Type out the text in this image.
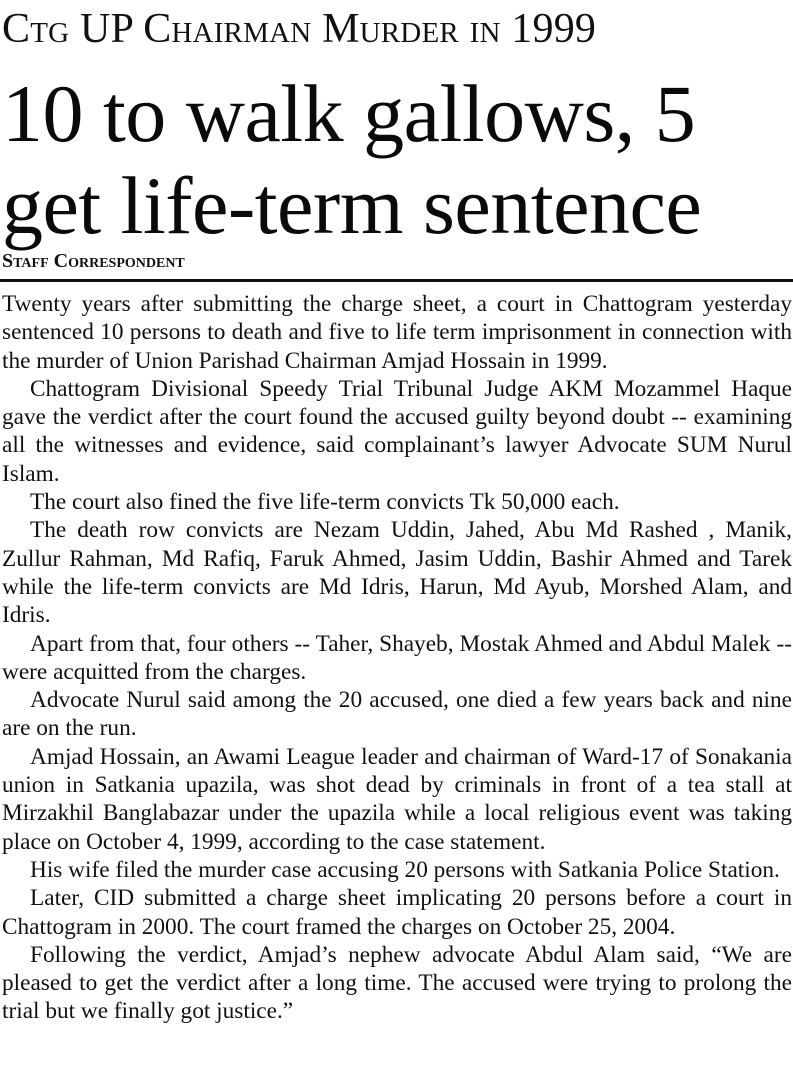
Ctg UP Chairman Murder in 1999
10 to walk gallows, 5 get life-term sentence
Staff Correspondent

Twenty years after submitting the charge sheet, a court in Chattogram yesterday sentenced 10 persons to death and five to life term imprisonment in connection with the murder of Union Parishad Chairman Amjad Hossain in 1999.

Chattogram Divisional Speedy Trial Tribunal Judge AKM Mozammel Haque gave the verdict after the court found the accused guilty beyond doubt -- examining all the witnesses and evidence, said complainant’s lawyer Advocate SUM Nurul Islam.

The court also fined the five life-term convicts Tk 50,000 each.

The death row convicts are Nezam Uddin, Jahed, Abu Md Rashed , Manik, Zullur Rahman, Md Rafiq, Faruk Ahmed, Jasim Uddin, Bashir Ahmed and Tarek while the life-term convicts are Md Idris, Harun, Md Ayub, Morshed Alam, and Idris.

Apart from that, four others -- Taher, Shayeb, Mostak Ahmed and Abdul Malek -- were acquitted from the charges.

Advocate Nurul said among the 20 accused, one died a few years back and nine are on the run.

Amjad Hossain, an Awami League leader and chairman of Ward-17 of Sonakania union in Satkania upazila, was shot dead by criminals in front of a tea stall at Mirzakhil Banglabazar under the upazila while a local religious event was taking place on October 4, 1999, according to the case statement.

His wife filed the murder case accusing 20 persons with Satkania Police Station.

Later, CID submitted a charge sheet implicating 20 persons before a court in Chattogram in 2000. The court framed the charges on October 25, 2004.

Following the verdict, Amjad’s nephew advocate Abdul Alam said, “We are pleased to get the verdict after a long time. The accused were trying to prolong the trial but we finally got justice.”
